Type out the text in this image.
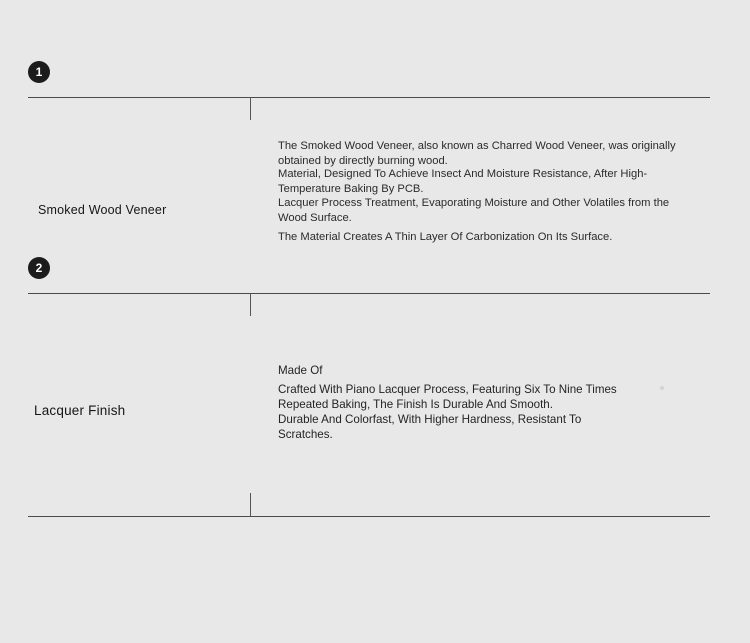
1
Smoked Wood Veneer
The Smoked Wood Veneer, also known as Charred Wood Veneer, was originally obtained by directly burning wood.
Material, Designed To Achieve Insect And Moisture Resistance, After High-Temperature Baking By PCB.
Lacquer Process Treatment, Evaporating Moisture and Other Volatiles from the Wood Surface.
The Material Creates A Thin Layer Of Carbonization On Its Surface.
2
Lacquer Finish
Made Of
Crafted With Piano Lacquer Process, Featuring Six To Nine Times Repeated Baking, The Finish Is Durable And Smooth.
Durable And Colorfast, With Higher Hardness, Resistant To Scratches.
